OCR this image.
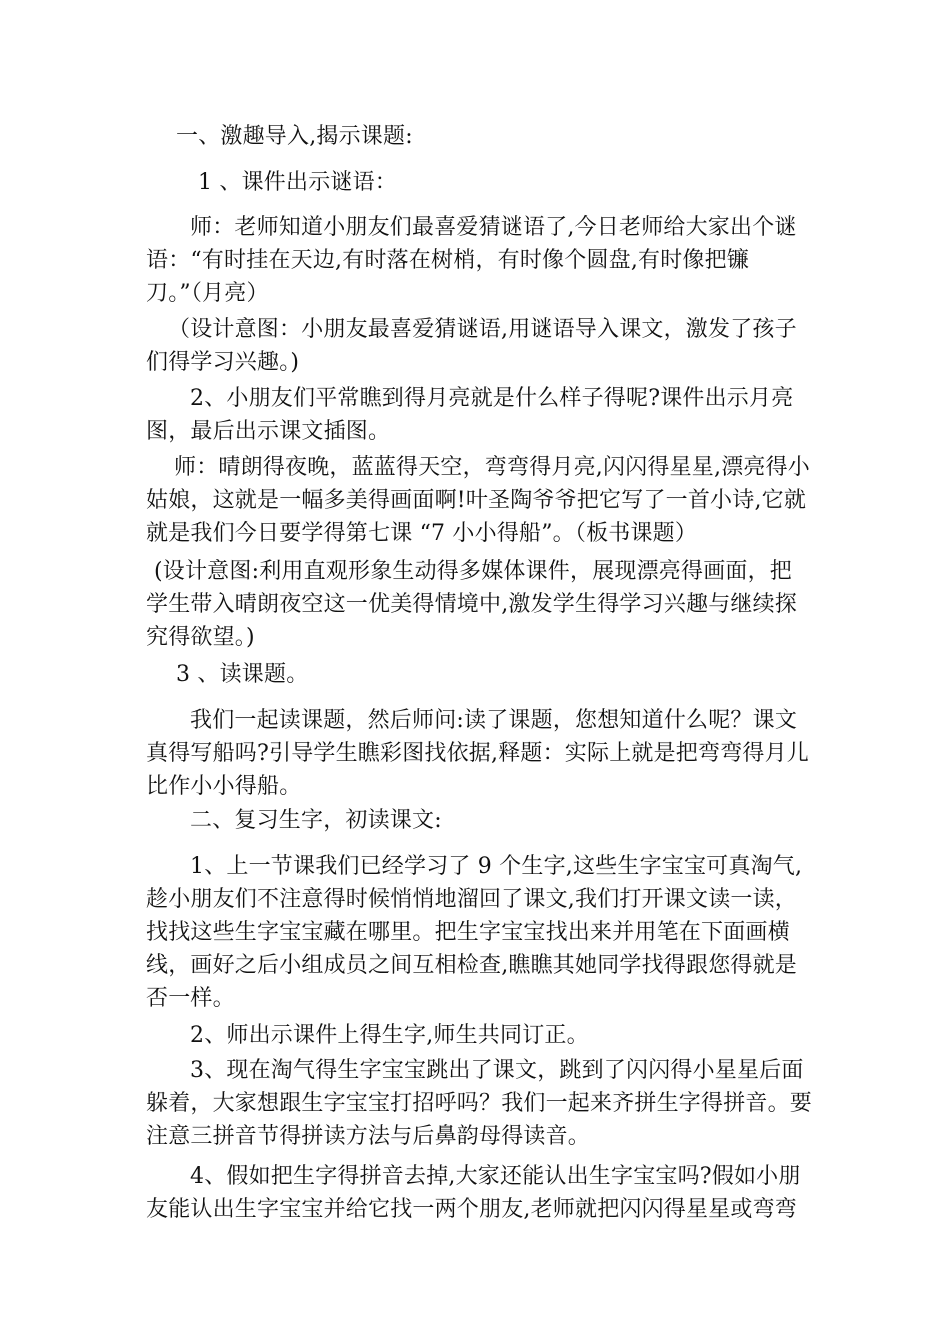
一、激趣导入,揭示课题:

1 、课件出示谜语：

师：老师知道小朋友们最喜爱猜谜语了,今日老师给大家出个谜语：“有时挂在天边,有时落在树梢，有时像个圆盘,有时像把镰刀。”（月亮）

（设计意图：小朋友最喜爱猜谜语,用谜语导入课文，激发了孩子们得学习兴趣。)

2、小朋友们平常瞧到得月亮就是什么样子得呢?课件出示月亮图，最后出示课文插图。

师：晴朗得夜晚，蓝蓝得天空，弯弯得月亮,闪闪得星星,漂亮得小姑娘，这就是一幅多美得画面啊!叶圣陶爷爷把它写了一首小诗,它就就是我们今日要学得第七课 “7 小小得船”。（板书课题）

(设计意图:利用直观形象生动得多媒体课件，展现漂亮得画面，把学生带入晴朗夜空这一优美得情境中,激发学生得学习兴趣与继续探究得欲望。)

3 、读课题。

我们一起读课题，然后师问:读了课题，您想知道什么呢？课文真得写船吗?引导学生瞧彩图找依据,释题：实际上就是把弯弯得月儿比作小小得船。

二、复习生字，初读课文:

1、上一节课我们已经学习了 9 个生字,这些生字宝宝可真淘气,趁小朋友们不注意得时候悄悄地溜回了课文,我们打开课文读一读，找找这些生字宝宝藏在哪里。把生字宝宝找出来并用笔在下面画横线，画好之后小组成员之间互相检查,瞧瞧其她同学找得跟您得就是否一样。

2、师出示课件上得生字,师生共同订正。

3、现在淘气得生字宝宝跳出了课文，跳到了闪闪得小星星后面躲着，大家想跟生字宝宝打招呼吗？我们一起来齐拼生字得拼音。要注意三拼音节得拼读方法与后鼻韵母得读音。

4、假如把生字得拼音去掉,大家还能认出生字宝宝吗?假如小朋友能认出生字宝宝并给它找一两个朋友,老师就把闪闪得星星或弯弯
